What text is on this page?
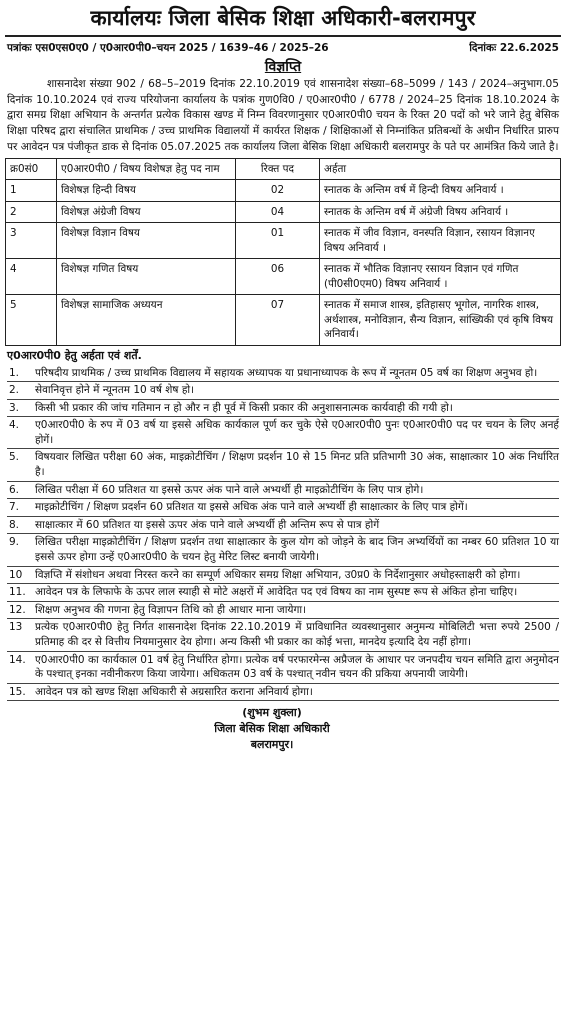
कार्यालयः जिला बेसिक शिक्षा अधिकारी-बलरामपुर
पत्रांकः एस0एस0ए0 / ए0आर0पी0–चयन 2025 / 1639–46 / 2025–26	दिनांकः 22.6.2025
विज्ञप्ति
शासनादेश संख्या 902 / 68–5–2019 दिनांक 22.10.2019 एवं शासनादेश संख्या–68–5099 / 143 / 2024–अनुभाग.05 दिनांक 10.10.2024 एवं राज्य परियोजना कार्यालय के पत्रांक गुण0वि0 / ए0आर0पी0 / 6778 / 2024–25 दिनांक 18.10.2024 के द्वारा समग्र शिक्षा अभियान के अन्तर्गत प्रत्येक विकास खण्ड में निम्न विवरणानुसार ए0आर0पी0 चयन के रिक्त 20 पदों को भरे जाने हेतु बेसिक शिक्षा परिषद द्वारा संचालित प्राथमिक / उच्च प्राथमिक विद्यालयों में कार्यरत शिक्षक / शिक्षिकाओं से निम्नांकित प्रतिबन्धों के अधीन निर्धारित प्रारुप पर आवेदन पत्र पंजीकृत डाक से दिनांक 05.07.2025 तक कार्यालय जिला बेसिक शिक्षा अधिकारी बलरामपुर के पते पर आमंत्रित किये जाते है।
क्र0सं0	ए0आर0पी0 / विषय विशेषज्ञ हेतु पद नाम	रिक्त पद	अर्हता
1	विशेषज्ञ हिन्दी विषय	02	स्नातक के अन्तिम वर्ष में हिन्दी विषय अनिवार्य ।
2	विशेषज्ञ अंग्रेजी विषय	04	स्नातक के अन्तिम वर्ष में अंग्रेजी विषय अनिवार्य ।
3	विशेषज्ञ विज्ञान विषय	01	स्नातक में जीव विज्ञान, वनस्पति विज्ञान, रसायन विज्ञानए विषय अनिवार्य ।
4	विशेषज्ञ गणित विषय	06	स्नातक में भौतिक विज्ञानए रसायन विज्ञान एवं गणित (पी0सी0एम0) विषय अनिवार्य ।
5	विशेषज्ञ सामाजिक अध्ययन	07	स्नातक में समाज शास्त्र, इतिहासए भूगोल, नागरिक शास्त्र, अर्थशास्त्र, मनोविज्ञान, सैन्य विज्ञान, सांख्यिकी एवं कृषि विषय अनिवार्य।
ए0आर0पी0 हेतु अर्हता एवं शर्तें.
1.	परिषदीय प्राथमिक / उच्च प्राथमिक विद्यालय में सहायक अध्यापक या प्रधानाध्यापक के रूप में न्यूनतम 05 वर्ष का शिक्षण अनुभव हो।
2.	सेवानिवृत्त होने में न्यूनतम 10 वर्ष शेष हो।
3.	किसी भी प्रकार की जांच गतिमान न हो और न ही पूर्व में किसी प्रकार की अनुशासनात्मक कार्यवाही की गयी हो।
4.	ए0आर0पी0 के रुप में 03 वर्ष या इससे अधिक कार्यकाल पूर्ण कर चुके ऐसे ए0आर0पी0 पुनः ए0आर0पी0 पद पर चयन के लिए अनर्ह होगें।
5.	विषयवार लिखित परीक्षा 60 अंक, माइक्रोटीचिंग / शिक्षण प्रदर्शन 10 से 15 मिनट प्रति प्रतिभागी 30 अंक, साक्षात्कार 10 अंक निर्धारित है।
6.	लिखित परीक्षा में 60 प्रतिशत या इससे ऊपर अंक पाने वाले अभ्यर्थी ही माइक्रोटीचिंग के लिए पात्र होगे।
7.	माइक्रोटीचिंग / शिक्षण प्रदर्शन 60 प्रतिशत या इससे अधिक अंक पाने वाले अभ्यर्थी ही साक्षात्कार के लिए पात्र होगें।
8.	साक्षात्कार में 60 प्रतिशत या इससे ऊपर अंक पाने वाले अभ्यर्थी ही अन्तिम रूप से पात्र होगें
9.	लिखित परीक्षा माइक्रोटीचिंग / शिक्षण प्रदर्शन तथा साक्षात्कार के कुल योग को जोड़ने के बाद जिन अभ्यर्थियों का नम्बर 60 प्रतिशत 10 या इससे ऊपर होगा उन्हें ए0आर0पी0 के चयन हेतु मेरिट लिस्ट बनायी जायेगी।
10	विज्ञप्ति में संशोधन अथवा निरस्त करने का सम्पूर्ण अधिकार समग्र शिक्षा अभियान, उ0प्र0 के निर्देशानुसार अधोहस्ताक्षरी को होगा।
11. आवेदन पत्र के लिफाफे के ऊपर लाल स्याही से मोटे अक्षरों में आवेदित पद एवं विषय का नाम सुस्पष्ट रूप से अंकित होना चाहिए।
12. शिक्षण अनुभव की गणना हेतु विज्ञापन तिथि को ही आधार माना जायेगा।
13	प्रत्येक ए0आर0पी0 हेतु निर्गत शासनादेश दिनांक 22.10.2019 में प्राविधानित व्यवस्थानुसार अनुमन्य मोबिलिटी भत्ता रुपये 2500 / प्रतिमाह की दर से वित्तीय नियमानुसार देय होगा। अन्य किसी भी प्रकार का कोई भत्ता, मानदेय इत्यादि देय नहीं होगा।
14. ए0आर0पी0 का कार्यकाल 01 वर्ष हेतु निर्धारित होगा। प्रत्येक वर्ष परफारमेन्स अप्रैजल के आधार पर जनपदीय चयन समिति द्वारा अनुमोदन के पश्चात् इनका नवीनीकरण किया जायेगा। अधिकतम 03 वर्ष के पश्चात् नवीन चयन की प्रकिया अपनायी जायेगी।
15. आवेदन पत्र को खण्ड शिक्षा अधिकारी से अग्रसारित कराना अनिवार्य होगा।
(शुभम शुक्ला)
जिला बेसिक शिक्षा अधिकारी
बलरामपुर।
